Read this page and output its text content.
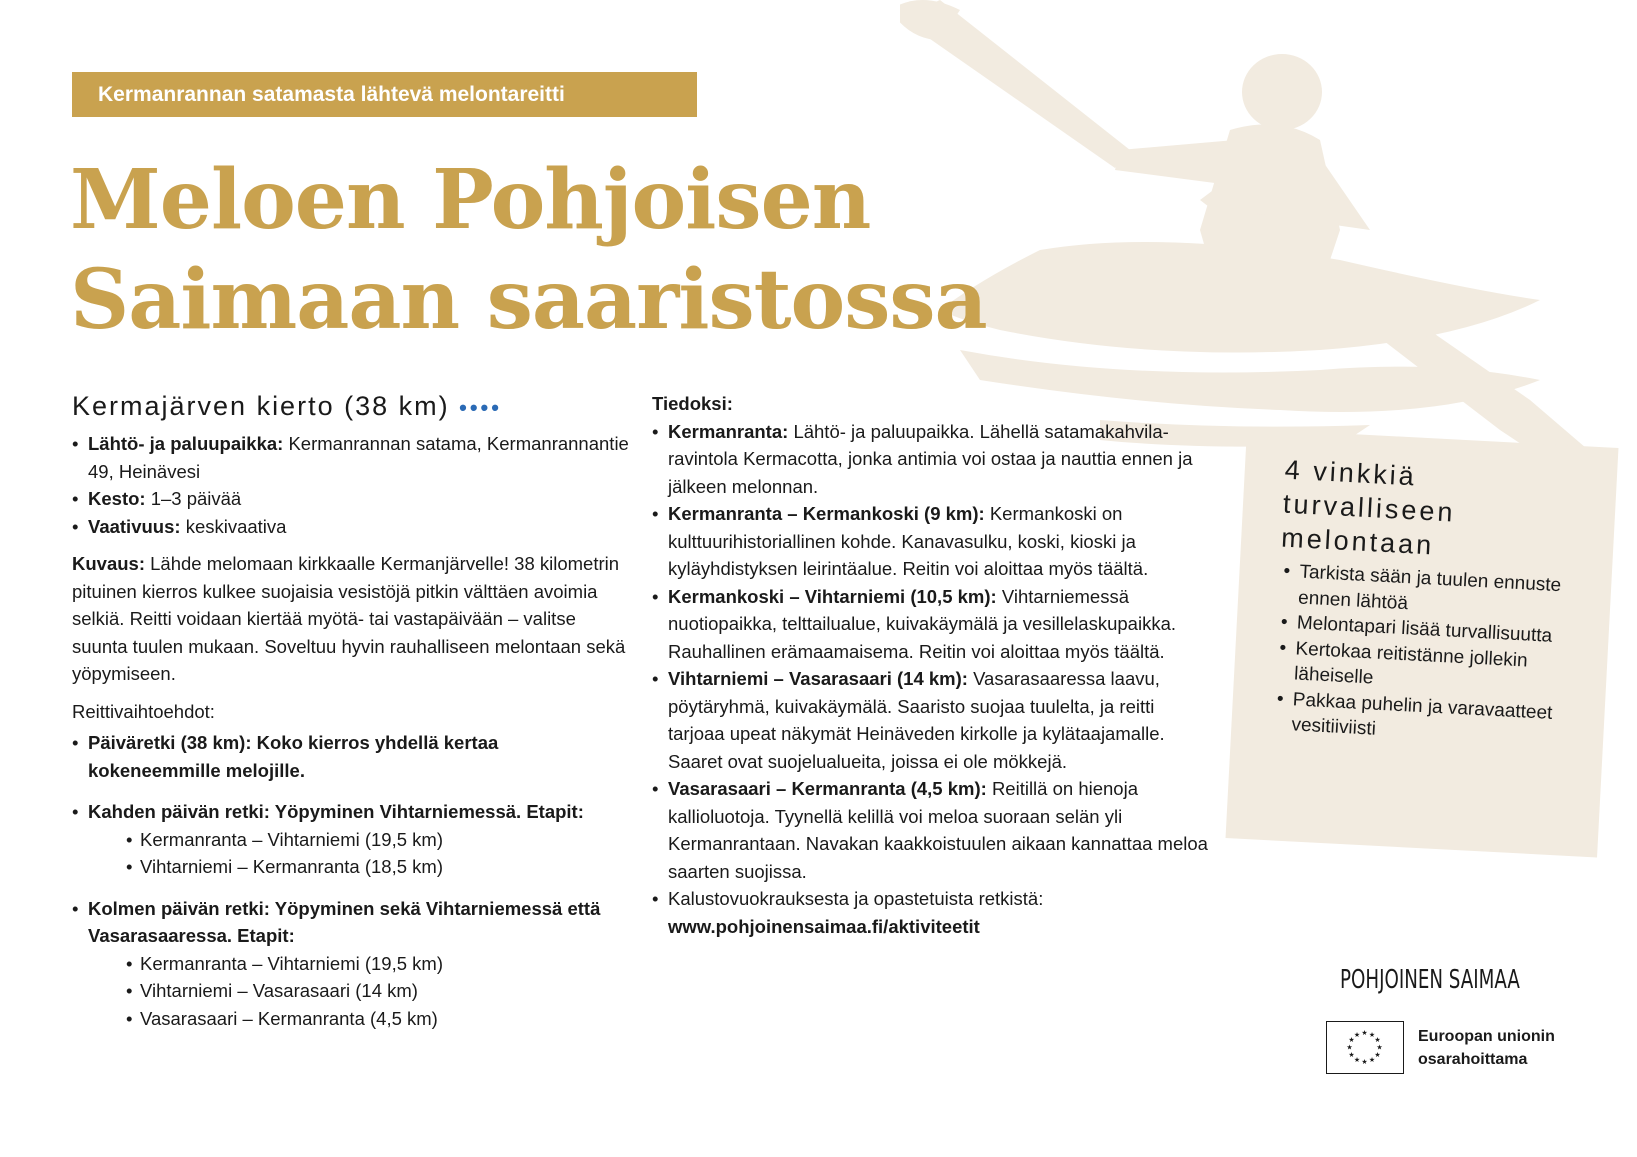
Kermanrannan satamasta lähtevä melontareitti
Meloen Pohjoisen
Saimaan saaristossa
Kermajärven kierto (38 km) ••••
• Lähtö- ja paluupaikka: Kermanrannan satama, Kermanrannantie 49, Heinävesi
• Kesto: 1–3 päivää
• Vaativuus: keskivaativa

Kuvaus: Lähde melomaan kirkkaalle Kermanjärvelle! 38 kilometrin pituinen kierros kulkee suojaisia vesistöjä pitkin välttäen avoimia selkiä. Reitti voidaan kiertää myötä- tai vastapäivään – valitse suunta tuulen mukaan. Soveltuu hyvin rauhalliseen melontaan sekä yöpymiseen.

Reittivaihtoehdot:

• Päiväretki (38 km): Koko kierros yhdellä kertaa kokeneemmille melojille.
• Kahden päivän retki: Yöpyminen Vihtarniemessä. Etapit:
• Kermanranta – Vihtarniemi (19,5 km)
• Vihtarniemi – Kermanranta (18,5 km)
• Kolmen päivän retki: Yöpyminen sekä Vihtarniemessä että Vasarasaaressa. Etapit:
• Kermanranta – Vihtarniemi (19,5 km)
• Vihtarniemi – Vasarasaari (14 km)
• Vasarasaari – Kermanranta (4,5 km)
Tiedoksi:
• Kermanranta: Lähtö- ja paluupaikka. Lähellä satamakahvila-ravintola Kermacotta, jonka antimia voi ostaa ja nauttia ennen ja jälkeen melonnan.
• Kermanranta – Kermankoski (9 km): Kermankoski on kulttuurihistoriallinen kohde. Kanavasulku, koski, kioski ja kyläyhdistyksen leirintäalue. Reitin voi aloittaa myös täältä.
• Kermankoski – Vihtarniemi (10,5 km): Vihtarniemessä nuotiopaikka, telttailualue, kuivakäymälä ja vesillelaskupaikka. Rauhallinen erämaamaisema. Reitin voi aloittaa myös täältä.
• Vihtarniemi – Vasarasaari (14 km): Vasarasaaressa laavu, pöytäryhmä, kuivakäymälä. Saaristo suojaa tuulelta, ja reitti tarjoaa upeat näkymät Heinäveden kirkolle ja kylätaajamalle. Saaret ovat suojelualueita, joissa ei ole mökkejä.
• Vasarasaari – Kermanranta (4,5 km): Reitillä on hienoja kallioluotoja. Tyynellä kelillä voi meloa suoraan selän yli Kermanrantaan. Navakan kaakkoistuulen aikaan kannattaa meloa saarten suojissa.
• Kalustovuokrauksesta ja opastetuista retkistä:
www.pohjoinensaimaa.fi/aktiviteetit
4 vinkkiä
turvalliseen
melontaan
• Tarkista sään ja tuulen ennuste ennen lähtöä
• Melontapari lisää turvallisuutta
• Kertokaa reitistänne jollekin läheiselle
• Pakkaa puhelin ja varavaatteet vesitiiviisti
POHJOINEN SAIMAA
★ ★
★
★
★
★
★
★
★
★
★
★	Euroopan unionin
osarahoittama
